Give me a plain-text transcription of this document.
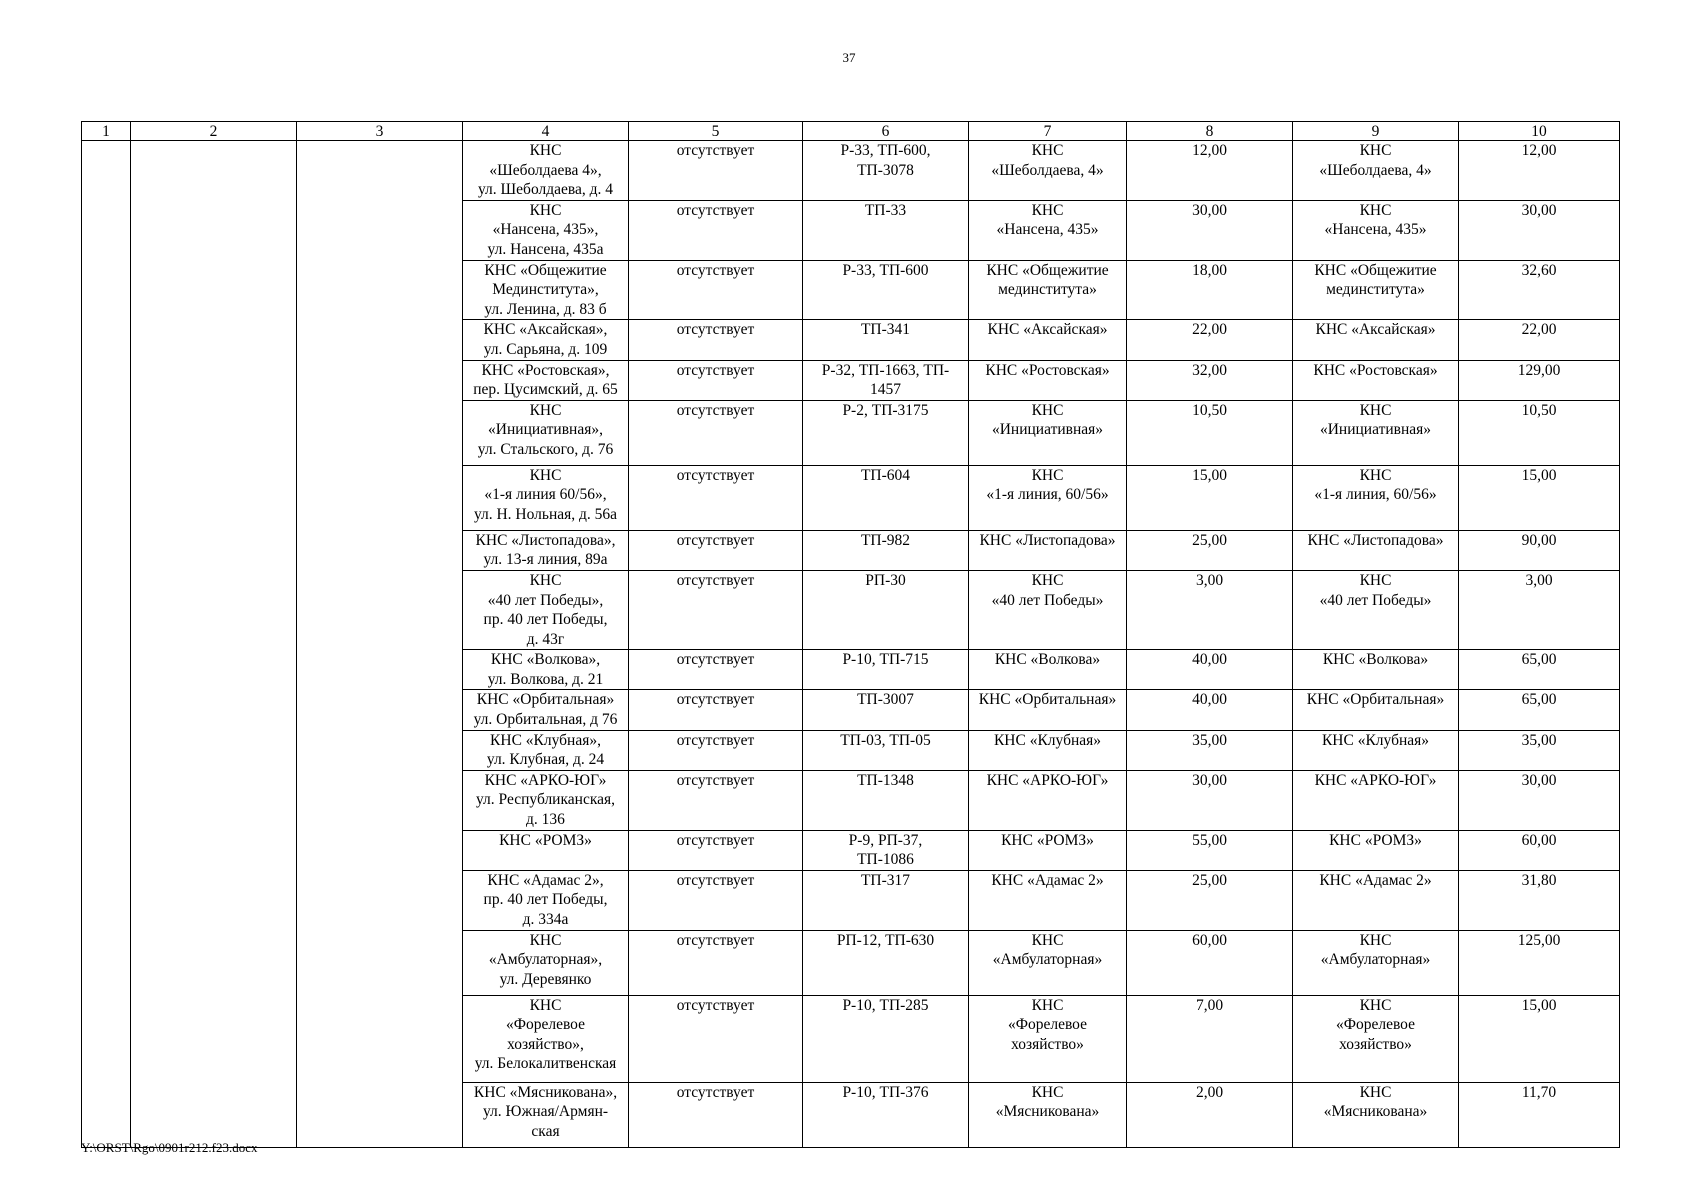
37
1	2	3	4	5	6	7	8	9	10
			КНС
«Шеболдаева 4»,
ул. Шеболдаева, д. 4	отсутствует	Р-33, ТП-600,
ТП-3078	КНС
«Шеболдаева, 4»	12,00	КНС
«Шеболдаева, 4»	12,00
			КНС
«Нансена, 435»,
ул. Нансена, 435а	отсутствует	ТП-33	КНС
«Нансена, 435»	30,00	КНС
«Нансена, 435»	30,00
			КНС «Общежитие
Мединститута»,
ул. Ленина, д. 83 б	отсутствует	Р-33, ТП-600	КНС «Общежитие
мединститута»	18,00	КНС «Общежитие
мединститута»	32,60
			КНС «Аксайская»,
ул. Сарьяна, д. 109	отсутствует	ТП-341	КНС «Аксайская»	22,00	КНС «Аксайская»	22,00
			КНС «Ростовская»,
пер. Цусимский, д. 65	отсутствует	Р-32, ТП-1663, ТП-
1457	КНС «Ростовская»	32,00	КНС «Ростовская»	129,00
			КНС
«Инициативная»,
ул. Стальского, д. 76	отсутствует	Р-2, ТП-3175	КНС
«Инициативная»	10,50	КНС
«Инициативная»	10,50
			КНС
«1-я линия 60/56»,
ул. Н. Нольная, д. 56а	отсутствует	ТП-604	КНС
«1-я линия, 60/56»	15,00	КНС
«1-я линия, 60/56»	15,00
			КНС «Листопадова»,
ул. 13-я линия, 89а	отсутствует	ТП-982	КНС «Листопадова»	25,00	КНС «Листопадова»	90,00
			КНС
«40 лет Победы»,
пр. 40 лет Победы,
д. 43г	отсутствует	РП-30	КНС
«40 лет Победы»	3,00	КНС
«40 лет Победы»	3,00
			КНС «Волкова»,
ул. Волкова, д. 21	отсутствует	Р-10, ТП-715	КНС «Волкова»	40,00	КНС «Волкова»	65,00
			КНС «Орбитальная»
ул. Орбитальная, д 76	отсутствует	ТП-3007	КНС «Орбитальная»	40,00	КНС «Орбитальная»	65,00
			КНС «Клубная»,
ул. Клубная, д. 24	отсутствует	ТП-03, ТП-05	КНС «Клубная»	35,00	КНС «Клубная»	35,00
			КНС «АРКО-ЮГ»
ул. Республиканская,
д. 136	отсутствует	ТП-1348	КНС «АРКО-ЮГ»	30,00	КНС «АРКО-ЮГ»	30,00
			КНС «РОМЗ»	отсутствует	Р-9, РП-37,
ТП-1086	КНС «РОМЗ»	55,00	КНС «РОМЗ»	60,00
			КНС «Адамас 2»,
пр. 40 лет Победы,
д. 334а	отсутствует	ТП-317	КНС «Адамас 2»	25,00	КНС «Адамас 2»	31,80
			КНС
«Амбулаторная»,
ул. Деревянко	отсутствует	РП-12, ТП-630	КНС
«Амбулаторная»	60,00	КНС
«Амбулаторная»	125,00
			КНС
«Форелевое
хозяйство»,
ул. Белокалитвенская	отсутствует	Р-10, ТП-285	КНС
«Форелевое
хозяйство»	7,00	КНС
«Форелевое
хозяйство»	15,00
			КНС «Мясникована»,
ул. Южная/Армян-
ская	отсутствует	Р-10, ТП-376	КНС
«Мясникована»	2,00	КНС
«Мясникована»	11,70
Y:\ORST\Rgo\0901r212.f23.docx
